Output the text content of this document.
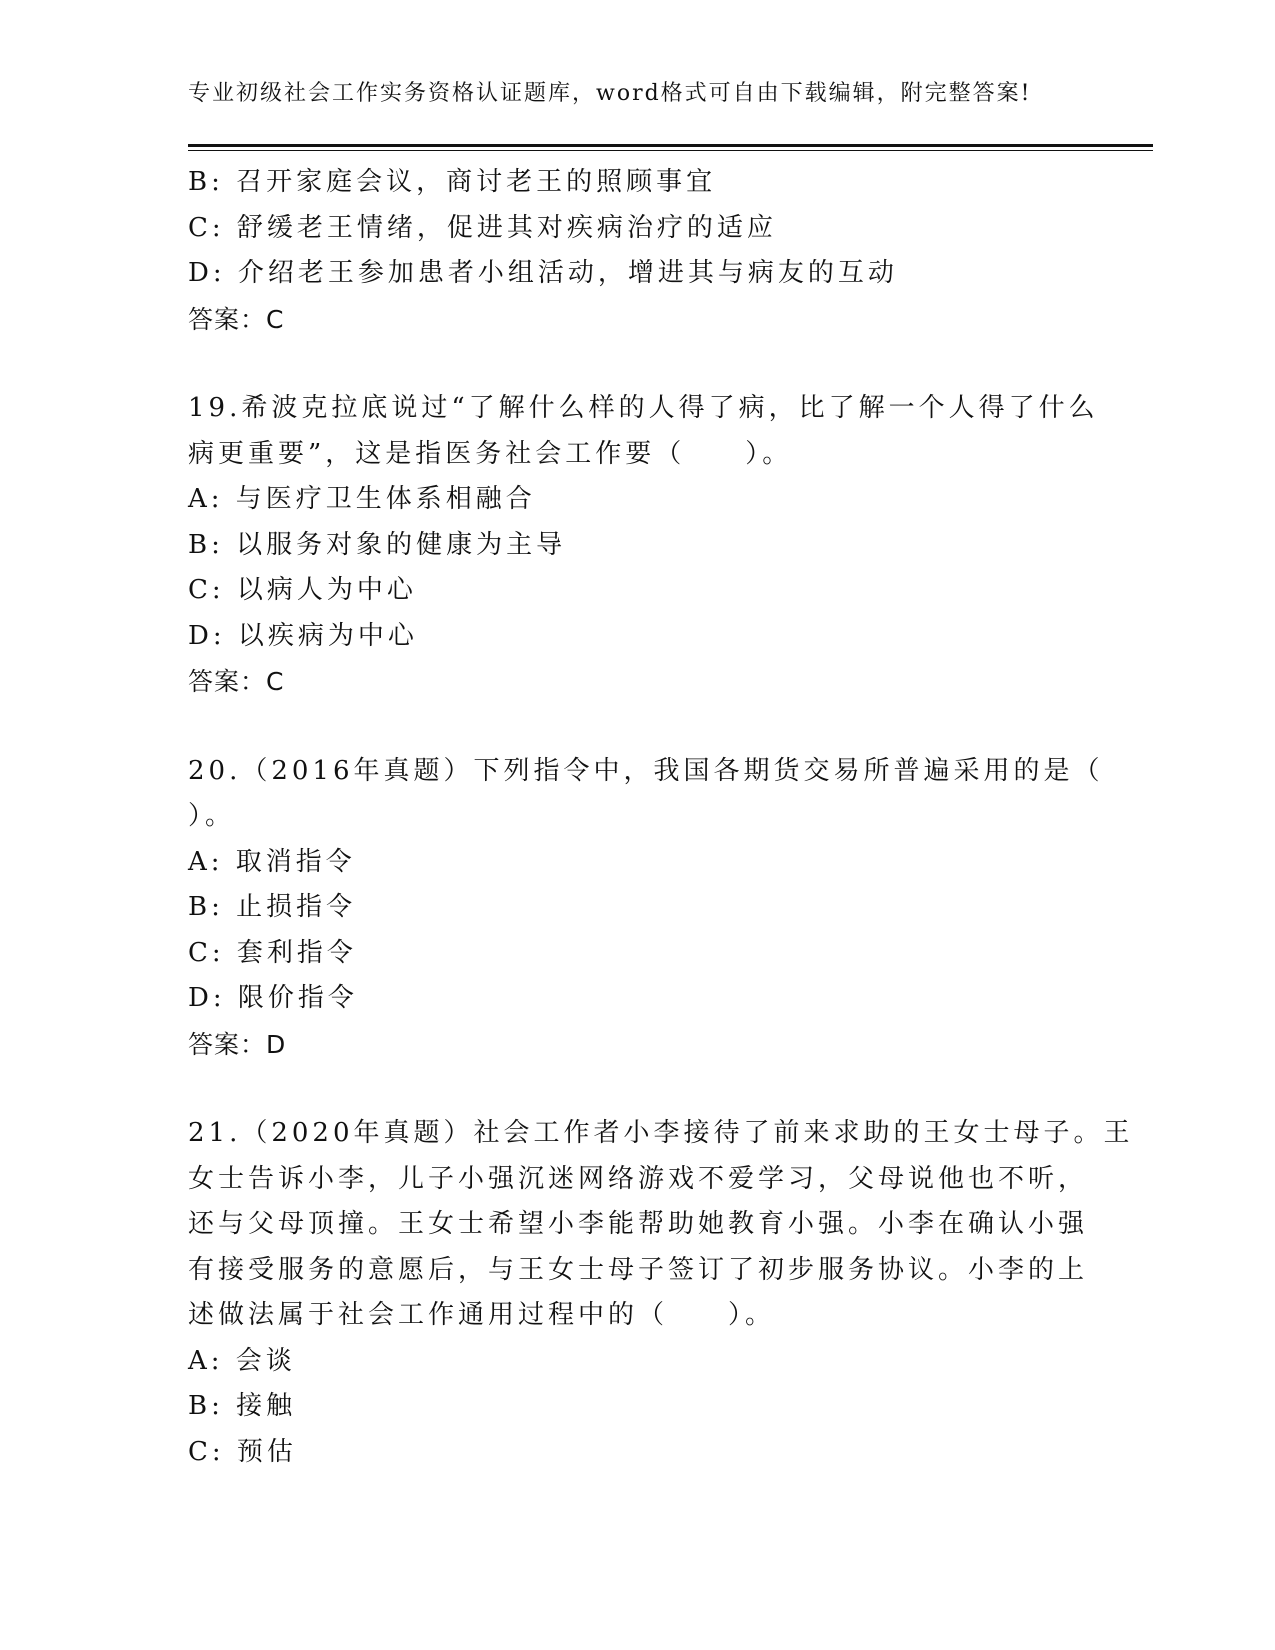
专业初级社会工作实务资格认证题库，word格式可自由下载编辑，附完整答案!
B: 召开家庭会议，商讨老王的照顾事宜
C: 舒缓老王情绪，促进其对疾病治疗的适应
D: 介绍老王参加患者小组活动，增进其与病友的互动
答案：C
19.希波克拉底说过“了解什么样的人得了病，比了解一个人得了什么
病更重要”，这是指医务社会工作要（　　）。
A: 与医疗卫生体系相融合
B: 以服务对象的健康为主导
C: 以病人为中心
D: 以疾病为中心
答案：C
20.（2016年真题）下列指令中，我国各期货交易所普遍采用的是（
）。
A: 取消指令
B: 止损指令
C: 套利指令
D: 限价指令
答案：D
21.（2020年真题）社会工作者小李接待了前来求助的王女士母子。王
女士告诉小李，儿子小强沉迷网络游戏不爱学习，父母说他也不听，
还与父母顶撞。王女士希望小李能帮助她教育小强。小李在确认小强
有接受服务的意愿后，与王女士母子签订了初步服务协议。小李的上
述做法属于社会工作通用过程中的（　　）。
A: 会谈
B: 接触
C: 预估
